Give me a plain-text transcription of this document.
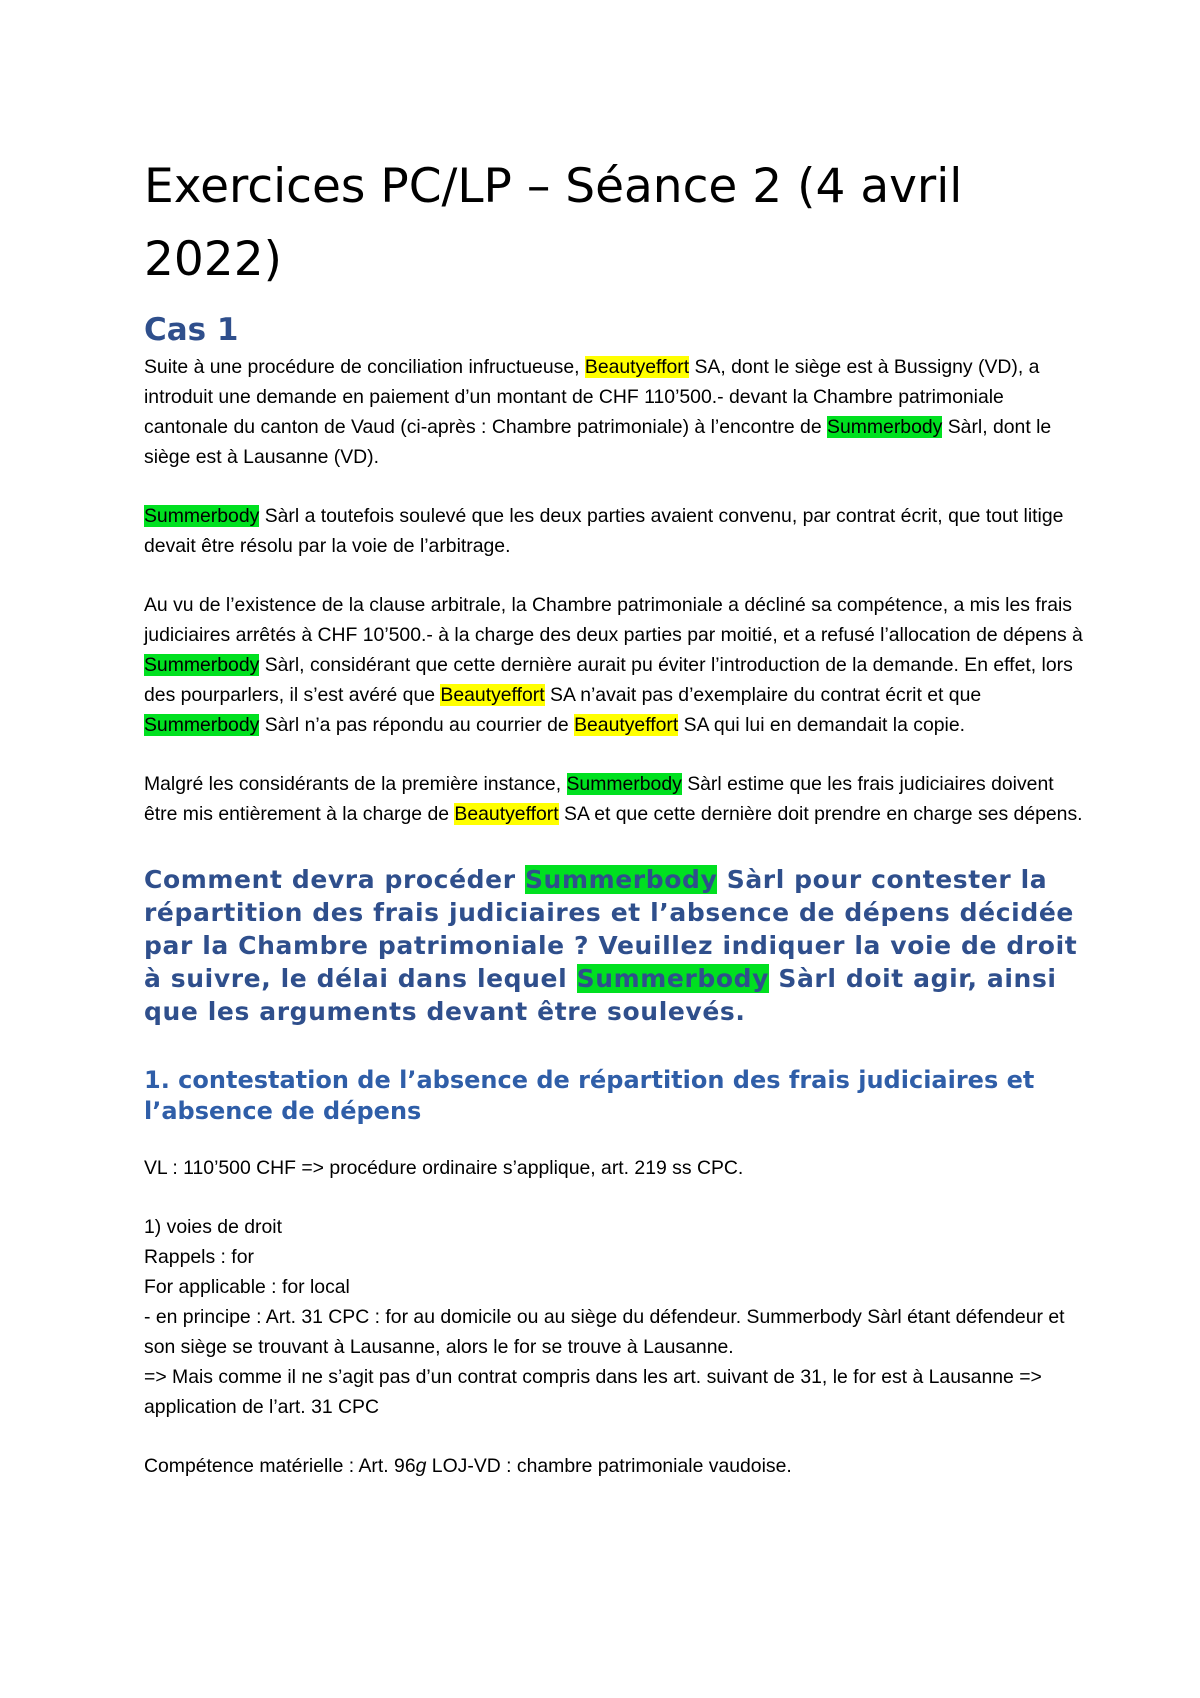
Exercices PC/LP – Séance 2 (4 avril 2022)
Cas 1

Suite à une procédure de conciliation infructueuse, Beautyeffort SA, dont le siège est à Bussigny (VD), a introduit une demande en paiement d’un montant de CHF 110’500.- devant la Chambre patrimoniale cantonale du canton de Vaud (ci-après : Chambre patrimoniale) à l’encontre de Summerbody Sàrl, dont le siège est à Lausanne (VD).

Summerbody Sàrl a toutefois soulevé que les deux parties avaient convenu, par contrat écrit, que tout litige devait être résolu par la voie de l’arbitrage.

Au vu de l’existence de la clause arbitrale, la Chambre patrimoniale a décliné sa compétence, a mis les frais judiciaires arrêtés à CHF 10’500.- à la charge des deux parties par moitié, et a refusé l’allocation de dépens à Summerbody Sàrl, considérant que cette dernière aurait pu éviter l’introduction de la demande. En effet, lors des pourparlers, il s’est avéré que Beautyeffort SA n’avait pas d’exemplaire du contrat écrit et que Summerbody Sàrl n’a pas répondu au courrier de Beautyeffort SA qui lui en demandait la copie.

Malgré les considérants de la première instance, Summerbody Sàrl estime que les frais judiciaires doivent être mis entièrement à la charge de Beautyeffort SA et que cette dernière doit prendre en charge ses dépens.

Comment devra procéder Summerbody Sàrl pour contester la répartition des frais judiciaires et l’absence de dépens décidée par la Chambre patrimoniale ? Veuillez indiquer la voie de droit à suivre, le délai dans lequel Summerbody Sàrl doit agir, ainsi que les arguments devant être soulevés.
1. contestation de l’absence de répartition des frais judiciaires et l’absence de dépens

VL : 110’500 CHF => procédure ordinaire s’applique, art. 219 ss CPC.

1) voies de droit
Rappels : for
For applicable : for local
- en principe : Art. 31 CPC : for au domicile ou au siège du défendeur. Summerbody Sàrl étant défendeur et son siège se trouvant à Lausanne, alors le for se trouve à Lausanne.
=> Mais comme il ne s’agit pas d’un contrat compris dans les art. suivant de 31, le for est à Lausanne => application de l’art. 31 CPC

Compétence matérielle : Art. 96g LOJ-VD : chambre patrimoniale vaudoise.
